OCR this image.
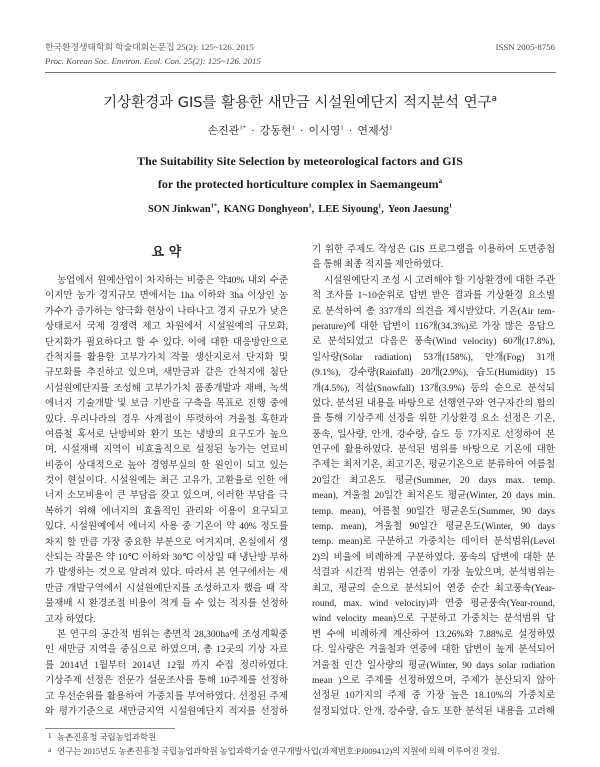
한국환경생태학회 학술대회논문집 25(2): 125~126. 2015
Proc. Korean Soc. Environ. Ecol. Con. 25(2): 125~126. 2015
ISSN 2005-8756
기상환경과 GIS를 활용한 새만금 시설원예단지 적지분석 연구$^a$
손진관$^{1*}$ · 강동현$^1$ · 이시영$^1$ · 연제성$^1$
The Suitability Site Selection by meteorological factors and GIS
for the protected horticulture complex in Saemangeum$^a$
SON Jinkwan$^{1*}$, KANG Donghyeon$^1$, LEE Siyoung$^1$, Yeon Jaesung$^1$
요 약
농업에서 원예산업이 차지하는 비중은 약40% 내외 수준
이지만 농가 경지규모 면에서는 1ha 이하와 3ha 이상인 농
가수가 증가하는 양극화 현상이 나타나고 경지 규모가 낮은
상태로서 국제 경쟁력 제고 차원에서 시설원예의 규모화,
단지화가 필요하다고 할 수 있다. 이에 대한 대응방안으로
간척지를 활용한 고부가가치 작물 생산지로서 단지화 및
규모화를 추진하고 있으며, 새만금과 같은 간척지에 첨단
시설원예단지를 조성해 고부가가치 품종개발과 재배, 녹색
에너지 기술개발 및 보급 기반을 구축을 목표로 진행 중에
있다. 우리나라의 경우 사계절이 뚜렷하여 겨울철 혹한과
여름철 혹서로 난방비와 환기 또는 냉방의 요구도가 높으
며, 시설재배 지역이 비효율적으로 설정된 농가는 연료비
비중이 상대적으로 높아 경영부실의 한 원인이 되고 있는
것이 현실이다. 시설원예는 최근 고유가, 고환율로 인한 에
너지 소모비용이 큰 부담을 갖고 있으며, 이러한 부담을 극
복하기 위해 에너지의 효율적인 관리와 이용이 요구되고
있다. 시설원예에서 에너지 사용 중 기온이 약 40% 정도를
차지 할 만큼 가장 중요한 부분으로 여겨지며, 온실에서 생
산되는 작물은 약 10℃ 이하와 30℃ 이상일 때 냉난방 부하
가 발생하는 것으로 알려져 있다. 따라서 본 연구에서는 새
만금 개발구역에서 시설원예단지를 조성하고자 했을 때 작
물재배 시 환경조절 비용이 적게 들 수 있는 적지를 선정하
고자 하였다.
본 연구의 공간적 범위는 총면적 28,300ha에 조성계획중
인 새만금 지역을 중심으로 하였으며, 총 12곳의 기상 자료
를 2014년 1월부터 2014년 12월 까지 수집 정리하였다.
기상주제 선정은 전문가 설문조사를 통해 10주제를 선정하
고 우선순위를 활용하여 가중치를 부여하였다. 선정된 주제
와 평가기준으로 새만금지역 시설원예단지 적지를 선정하
기 위한 주제도 작성은 GIS 프로그램을 이용하여 도면중첩
을 통해 최종 적지를 제안하였다.
시설원예단지 조성 시 고려해야 할 기상환경에 대한 주관
적 조사를 1~10순위로 답변 받은 결과를 기상환경 요소별
로 분석하여 총 337개의 의견을 제시받았다. 기온(Air tem-
perature)에 대한 답변이 116개(34.3%)로 가장 많은 응답으
로 분석되었고 다음은 풍속(Wind velocity) 60개(17.8%),
일사량(Solar radiation) 53개(158%), 안개(Fog) 31개
(9.1%), 강수량(Rainfall) 20개(2.9%), 습도(Humidity) 15
개(4.5%), 적설(Snowfall) 13개(3.9%) 등의 순으로 분석되
었다. 분석된 내용을 바탕으로 선행연구와 연구자간의 합의
를 통해 기상주제 선정을 위한 기상환경 요소 선정은 기온,
풍속, 일사량, 안개, 강수량, 습도 등 7가지로 선정하여 본
연구에 활용하였다. 분석된 범위를 바탕으로 기온에 대한
주제는 최저기온, 최고기온, 평균기온으로 분류하여 여름철
20일간 최고온도 평균(Summer, 20 days max. temp.
mean), 겨울철 20일간 최저온도 평균(Winter, 20 days min.
temp. mean), 여름철 90일간 평균온도(Summer, 90 days
temp. mean), 겨울철 90일간 평균온도(Winter, 90 days
temp. mean)로 구분하고 가중치는 데이터 분석범위(Level
2)의 비율에 비례하게 구분하였다. 풍속의 답변에 대한 분
석결과 시간적 범위는 연중이 가장 높았으며, 분석범위는
최고, 평균의 순으로 분석되어 연중 순간 최고풍속(Year-
round, max. wind velocity)과 연중 평균풍속(Year-round,
wind velocity mean)으로 구분하고 가중치는 분석범위 답
변 수에 비례하게 계산하여 13.26%와 7.88%로 설정하였
다. 일사량은 겨울철과 연중에 대한 답변이 높게 분석되어
겨울철 인간 일사량의 평균(Winter, 90 days solar radiation
mean )으로 주제를 선정하였으며, 주제가 분산되지 않아
선정된 10가지의 주제 중 가장 높은 18.10%의 가중치로
설정되었다. 안개, 강수량, 습도 또한 분석된 내용을 고려해
1 농촌진흥청 국립농업과학원
a 연구는 2015년도 농촌진흥청 국립농업과학원 농업과학기술 연구개발사업(과제번호:PJ009412)의 지원에 의해 이루어진 것임.
